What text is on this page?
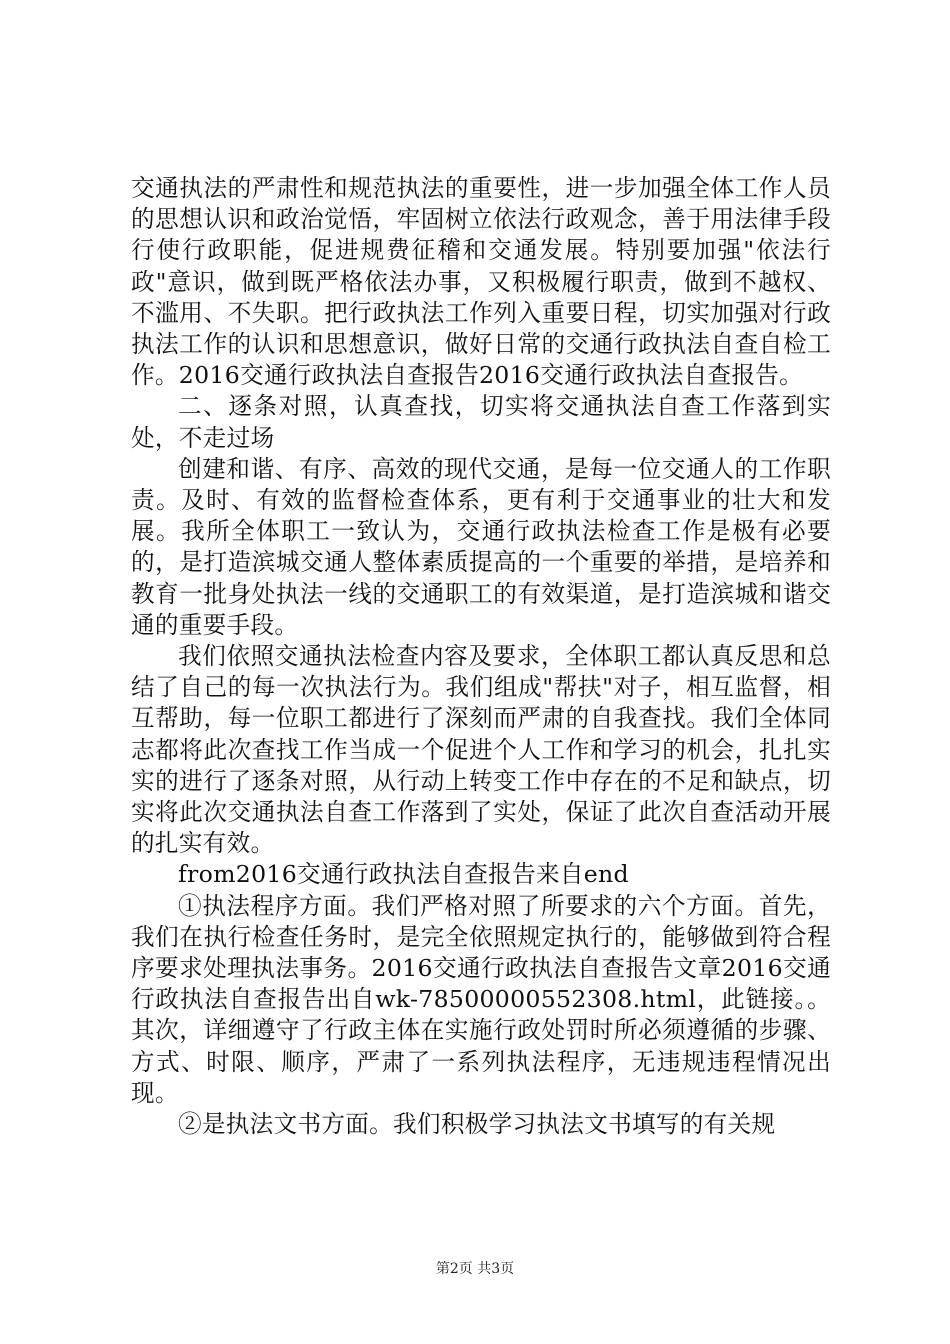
交通执法的严肃性和规范执法的重要性，进一步加强全体工作人员的思想认识和政治觉悟，牢固树立依法行政观念，善于用法律手段行使行政职能，促进规费征稽和交通发展。特别要加强"依法行政"意识，做到既严格依法办事，又积极履行职责，做到不越权、不滥用、不失职。把行政执法工作列入重要日程，切实加强对行政执法工作的认识和思想意识，做好日常的交通行政执法自查自检工作。2016交通行政执法自查报告2016交通行政执法自查报告。

二、逐条对照，认真查找，切实将交通执法自查工作落到实处，不走过场

创建和谐、有序、高效的现代交通，是每一位交通人的工作职责。及时、有效的监督检查体系，更有利于交通事业的壮大和发展。我所全体职工一致认为，交通行政执法检查工作是极有必要的，是打造滨城交通人整体素质提高的一个重要的举措，是培养和教育一批身处执法一线的交通职工的有效渠道，是打造滨城和谐交通的重要手段。

我们依照交通执法检查内容及要求，全体职工都认真反思和总结了自己的每一次执法行为。我们组成"帮扶"对子，相互监督，相互帮助，每一位职工都进行了深刻而严肃的自我查找。我们全体同志都将此次查找工作当成一个促进个人工作和学习的机会，扎扎实实的进行了逐条对照，从行动上转变工作中存在的不足和缺点，切实将此次交通执法自查工作落到了实处，保证了此次自查活动开展的扎实有效。

from2016交通行政执法自查报告来自end

①执法程序方面。我们严格对照了所要求的六个方面。首先，我们在执行检查任务时，是完全依照规定执行的，能够做到符合程序要求处理执法事务。2016交通行政执法自查报告文章2016交通行政执法自查报告出自wk-78500000552308.html，此链接。。其次，详细遵守了行政主体在实施行政处罚时所必须遵循的步骤、方式、时限、顺序，严肃了一系列执法程序，无违规违程情况出现。

②是执法文书方面。我们积极学习执法文书填写的有关规

第2页 共3页
